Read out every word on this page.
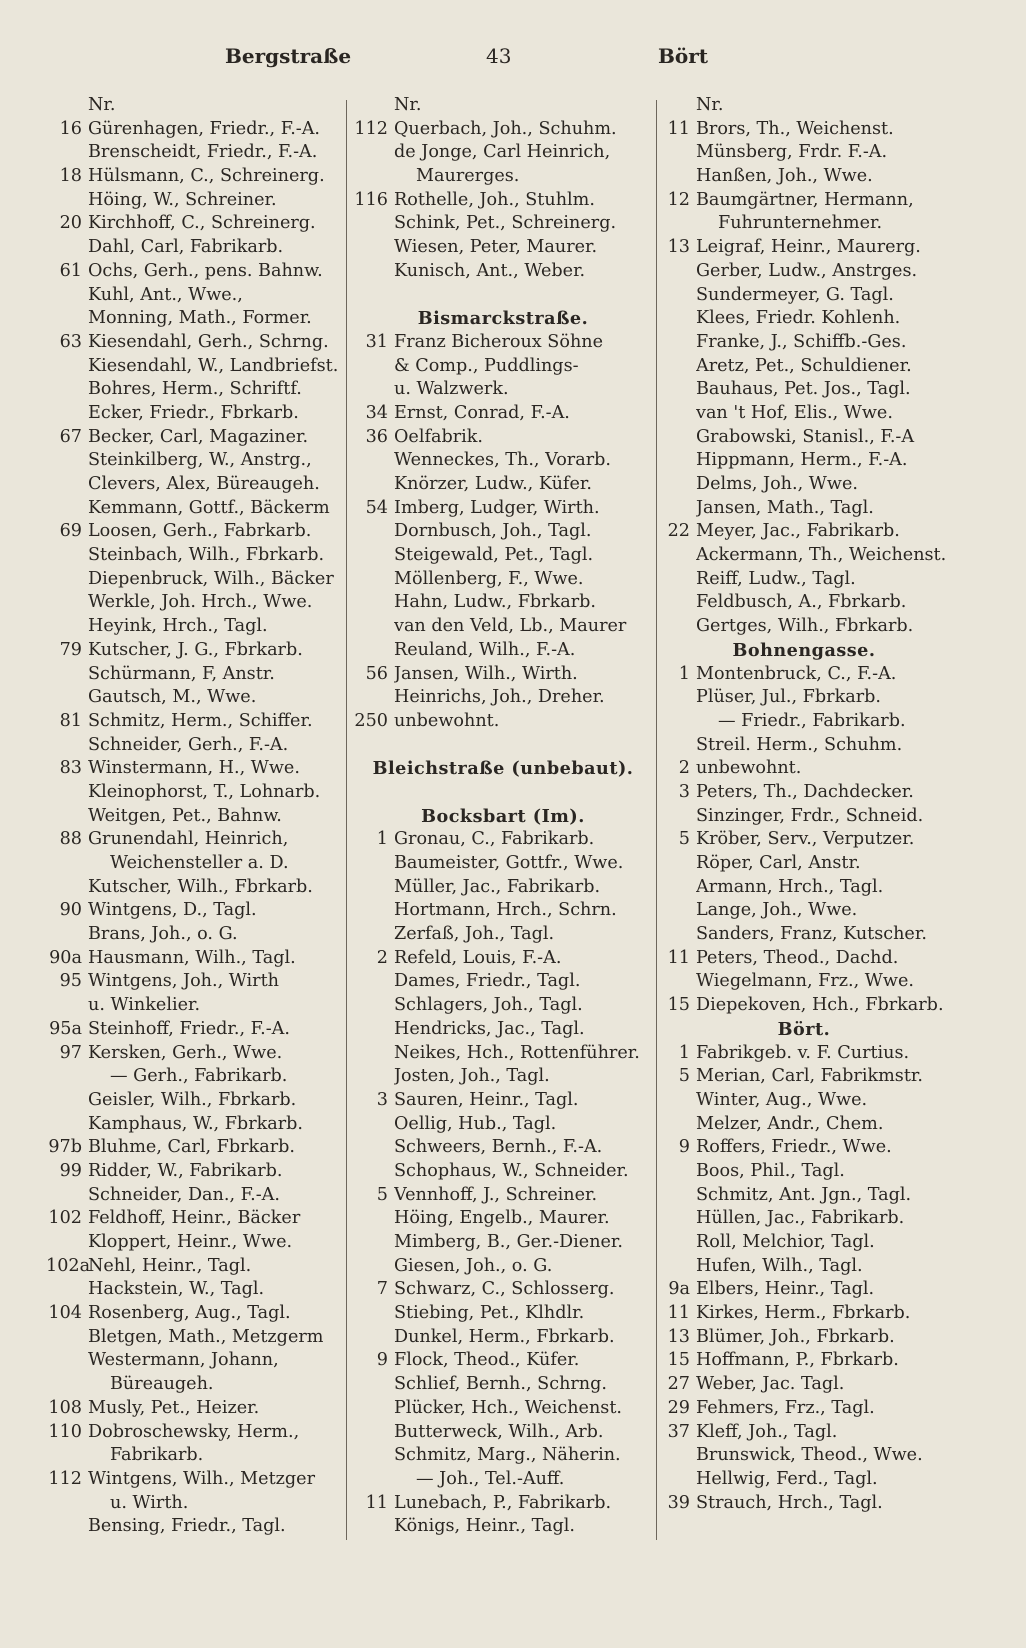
Bergstraße	43	Bört
Nr.
16 Gürenhagen, Friedr., F.-A.
Brenscheidt, Friedr., F.-A.
18 Hülsmann, C., Schreinerg.
Höing, W., Schreiner.
20 Kirchhoff, C., Schreinerg.
Dahl, Carl, Fabrikarb.
61 Ochs, Gerh., pens. Bahnw.
Kuhl, Ant., Wwe.,
Monning, Math., Former.
63 Kiesendahl, Gerh., Schrng.
Kiesendahl, W., Landbriefst.
Bohres, Herm., Schriftf.
Ecker, Friedr., Fbrkarb.
67 Becker, Carl, Magaziner.
Steinkilberg, W., Anstrg.,
Clevers, Alex, Büreaugeh.
Kemmann, Gottf., Bäckerm
69 Loosen, Gerh., Fabrkarb.
Steinbach, Wilh., Fbrkarb.
Diepenbruck, Wilh., Bäcker
Werkle, Joh. Hrch., Wwe.
Heyink, Hrch., Tagl.
79 Kutscher, J. G., Fbrkarb.
Schürmann, F, Anstr.
Gautsch, M., Wwe.
81 Schmitz, Herm., Schiffer.
Schneider, Gerh., F.-A.
83 Winstermann, H., Wwe.
Kleinophorst, T., Lohnarb.
Weitgen, Pet., Bahnw.
88 Grunendahl, Heinrich,
Weichensteller a. D.
Kutscher, Wilh., Fbrkarb.
90 Wintgens, D., Tagl.
Brans, Joh., o. G.
90a Hausmann, Wilh., Tagl.
95 Wintgens, Joh., Wirth
u. Winkelier.
95a Steinhoff, Friedr., F.-A.
97 Kersken, Gerh., Wwe.
— Gerh., Fabrikarb.
Geisler, Wilh., Fbrkarb.
Kamphaus, W., Fbrkarb.
97b Bluhme, Carl, Fbrkarb.
99 Ridder, W., Fabrikarb.
Schneider, Dan., F.-A.
102 Feldhoff, Heinr., Bäcker
Kloppert, Heinr., Wwe.
102a
Nehl, Heinr., Tagl.
Hackstein, W., Tagl.
104 Rosenberg, Aug., Tagl.
Bletgen, Math., Metzgerm
Westermann, Johann,
Büreaugeh.
108 Musly, Pet., Heizer.
110 Dobroschewsky, Herm.,
Fabrikarb.
112 Wintgens, Wilh., Metzger
u. Wirth.
Bensing, Friedr., Tagl.
Nr.
112 Querbach, Joh., Schuhm.
de Jonge, Carl Heinrich,
Maurerges.
116 Rothelle, Joh., Stuhlm.
Schink, Pet., Schreinerg.
Wiesen, Peter, Maurer.
Kunisch, Ant., Weber.
Bismarckstraße.
31 Franz Bicheroux Söhne
& Comp., Puddlings-
u. Walzwerk.
34 Ernst, Conrad, F.-A.
36 Oelfabrik.
Wenneckes, Th., Vorarb.
Knörzer, Ludw., Küfer.
54 Imberg, Ludger, Wirth.
Dornbusch, Joh., Tagl.
Steigewald, Pet., Tagl.
Möllenberg, F., Wwe.
Hahn, Ludw., Fbrkarb.
van den Veld, Lb., Maurer
Reuland, Wilh., F.-A.
56 Jansen, Wilh., Wirth.
Heinrichs, Joh., Dreher.
250 unbewohnt.
Bleichstraße (unbebaut).
Bocksbart (Im).
1 Gronau, C., Fabrikarb.
Baumeister, Gottfr., Wwe.
Müller, Jac., Fabrikarb.
Hortmann, Hrch., Schrn.
Zerfaß, Joh., Tagl.
2 Refeld, Louis, F.-A.
Dames, Friedr., Tagl.
Schlagers, Joh., Tagl.
Hendricks, Jac., Tagl.
Neikes, Hch., Rottenführer.
Josten, Joh., Tagl.
3 Sauren, Heinr., Tagl.
Oellig, Hub., Tagl.
Schweers, Bernh., F.-A.
Schophaus, W., Schneider.
5 Vennhoff, J., Schreiner.
Höing, Engelb., Maurer.
Mimberg, B., Ger.-Diener.
Giesen, Joh., o. G.
7 Schwarz, C., Schlosserg.
Stiebing, Pet., Klhdlr.
Dunkel, Herm., Fbrkarb.
9 Flock, Theod., Küfer.
Schlief, Bernh., Schrng.
Plücker, Hch., Weichenst.
Butterweck, Wilh., Arb.
Schmitz, Marg., Näherin.
— Joh., Tel.-Auff.
11 Lunebach, P., Fabrikarb.
Königs, Heinr., Tagl.
Nr.
11 Brors, Th., Weichenst.
Münsberg, Frdr. F.-A.
Hanßen, Joh., Wwe.
12 Baumgärtner, Hermann,
Fuhrunternehmer.
13 Leigraf, Heinr., Maurerg.
Gerber, Ludw., Anstrges.
Sundermeyer, G. Tagl.
Klees, Friedr. Kohlenh.
Franke, J., Schiffb.-Ges.
Aretz, Pet., Schuldiener.
Bauhaus, Pet. Jos., Tagl.
van 't Hof, Elis., Wwe.
Grabowski, Stanisl., F.-A
Hippmann, Herm., F.-A.
Delms, Joh., Wwe.
Jansen, Math., Tagl.
22 Meyer, Jac., Fabrikarb.
Ackermann, Th., Weichenst.
Reiff, Ludw., Tagl.
Feldbusch, A., Fbrkarb.
Gertges, Wilh., Fbrkarb.
Bohnengasse.
1 Montenbruck, C., F.-A.
Plüser, Jul., Fbrkarb.
— Friedr., Fabrikarb.
Streil. Herm., Schuhm.
2 unbewohnt.
3 Peters, Th., Dachdecker.
Sinzinger, Frdr., Schneid.
5 Kröber, Serv., Verputzer.
Röper, Carl, Anstr.
Armann, Hrch., Tagl.
Lange, Joh., Wwe.
Sanders, Franz, Kutscher.
11 Peters, Theod., Dachd.
Wiegelmann, Frz., Wwe.
15 Diepekoven, Hch., Fbrkarb.
Bört.
1 Fabrikgeb. v. F. Curtius.
5 Merian, Carl, Fabrikmstr.
Winter, Aug., Wwe.
Melzer, Andr., Chem.
9 Roffers, Friedr., Wwe.
Boos, Phil., Tagl.
Schmitz, Ant. Jgn., Tagl.
Hüllen, Jac., Fabrikarb.
Roll, Melchior, Tagl.
Hufen, Wilh., Tagl.
9a Elbers, Heinr., Tagl.
11 Kirkes, Herm., Fbrkarb.
13 Blümer, Joh., Fbrkarb.
15 Hoffmann, P., Fbrkarb.
27 Weber, Jac. Tagl.
29 Fehmers, Frz., Tagl.
37 Kleff, Joh., Tagl.
Brunswick, Theod., Wwe.
Hellwig, Ferd., Tagl.
39 Strauch, Hrch., Tagl.
